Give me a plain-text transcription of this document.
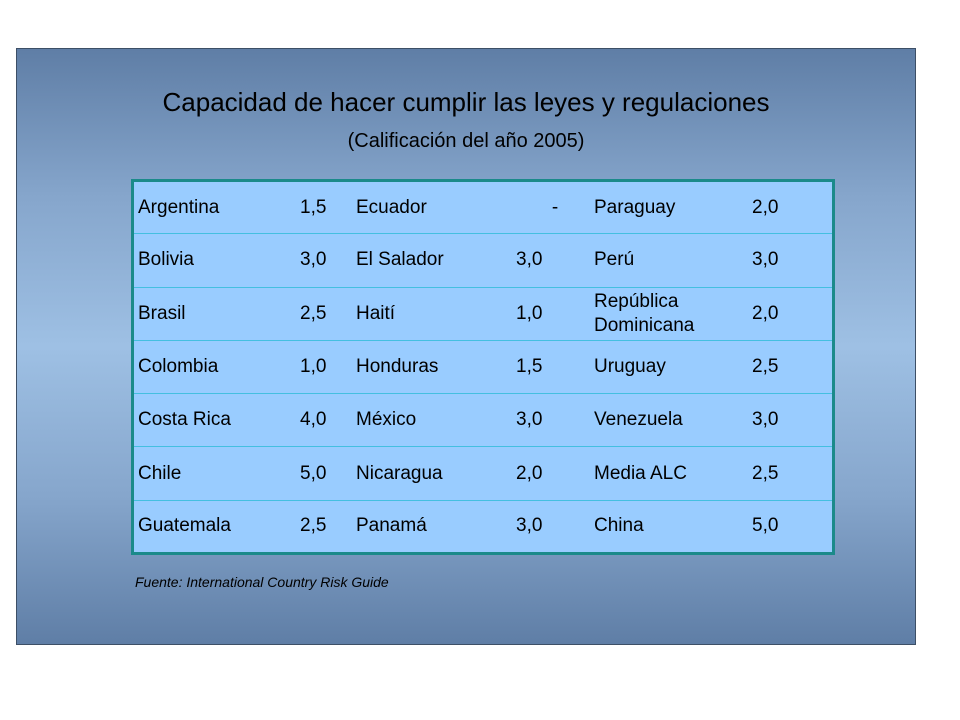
Capacidad de hacer cumplir las leyes y regulaciones
(Calificación del año 2005)
Argentina	1,5	Ecuador	-	Paraguay	2,0
Bolivia	3,0	El Salador	3,0	Perú	3,0
Brasil	2,5	Haití	1,0	República Dominicana	2,0
Colombia	1,0	Honduras	1,5	Uruguay	2,5
Costa Rica	4,0	México	3,0	Venezuela	3,0
Chile	5,0	Nicaragua	2,0	Media ALC	2,5
Guatemala	2,5	Panamá	3,0	China	5,0
Fuente: International Country Risk Guide
